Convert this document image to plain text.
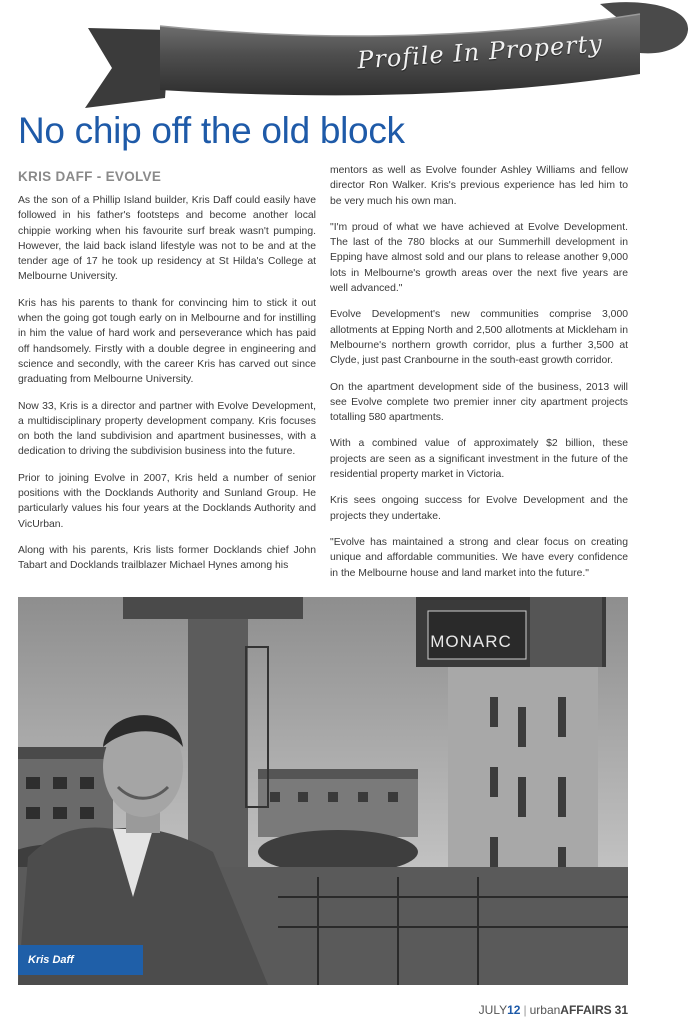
Profile In Property
No chip off the old block
KRIS DAFF - EVOLVE

As the son of a Phillip Island builder, Kris Daff could easily have followed in his father's footsteps and become another local chippie working when his favourite surf break wasn't pumping. However, the laid back island lifestyle was not to be and at the tender age of 17 he took up residency at St Hilda's College at Melbourne University.

Kris has his parents to thank for convincing him to stick it out when the going got tough early on in Melbourne and for instilling in him the value of hard work and perseverance which has paid off handsomely. Firstly with a double degree in engineering and science and secondly, with the career Kris has carved out since graduating from Melbourne University.

Now 33, Kris is a director and partner with Evolve Development, a multidisciplinary property development company. Kris focuses on both the land subdivision and apartment businesses, with a dedication to driving the subdivision business into the future.

Prior to joining Evolve in 2007, Kris held a number of senior positions with the Docklands Authority and Sunland Group. He particularly values his four years at the Docklands Authority and VicUrban.

Along with his parents, Kris lists former Docklands chief John Tabart and Docklands trailblazer Michael Hynes among his

mentors as well as Evolve founder Ashley Williams and fellow director Ron Walker. Kris's previous experience has led him to be very much his own man.

"I'm proud of what we have achieved at Evolve Development. The last of the 780 blocks at our Summerhill development in Epping have almost sold and our plans to release another 9,000 lots in Melbourne's growth areas over the next five years are well advanced."

Evolve Development's new communities comprise 3,000 allotments at Epping North and 2,500 allotments at Mickleham in Melbourne's northern growth corridor, plus a further 3,500 at Clyde, just past Cranbourne in the south-east growth corridor.

On the apartment development side of the business, 2013 will see Evolve complete two premier inner city apartment projects totalling 580 apartments.

With a combined value of approximately $2 billion, these projects are seen as a significant investment in the future of the residential property market in Victoria.

Kris sees ongoing success for Evolve Development and the projects they undertake.

"Evolve has maintained a strong and clear focus on creating unique and affordable communities. We have every confidence in the Melbourne house and land market into the future."

Kris Daff
MONARC
JULY12 | urbanAFFAIRS 31
